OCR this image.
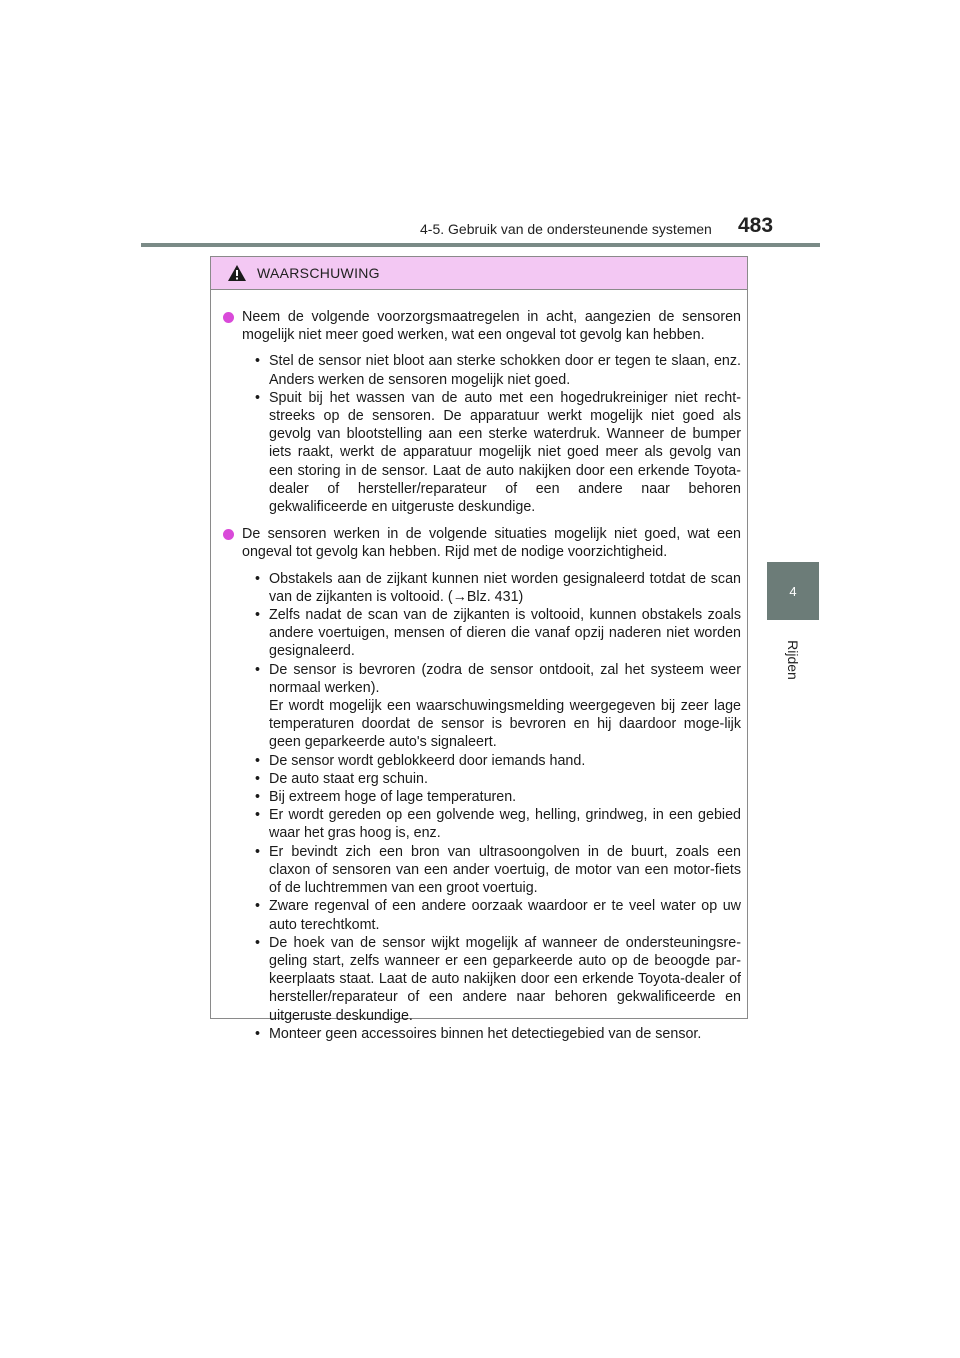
4-5. Gebruik van de ondersteunende systemen 483
4
Rijden
WAARSCHUWING
Neem de volgende voorzorgsmaatregelen in acht, aangezien de sensoren mogelijk niet meer goed werken, wat een ongeval tot gevolg kan hebben.
• Stel de sensor niet bloot aan sterke schokken door er tegen te slaan, enz. Anders werken de sensoren mogelijk niet goed.
• Spuit bij het wassen van de auto met een hogedrukreiniger niet recht-streeks op de sensoren. De apparatuur werkt mogelijk niet goed als gevolg van blootstelling aan een sterke waterdruk. Wanneer de bumper iets raakt, werkt de apparatuur mogelijk niet goed meer als gevolg van een storing in de sensor. Laat de auto nakijken door een erkende Toyota-dealer of hersteller/reparateur of een andere naar behoren gekwalificeerde en uitgeruste deskundige.
De sensoren werken in de volgende situaties mogelijk niet goed, wat een ongeval tot gevolg kan hebben. Rijd met de nodige voorzichtigheid.
• Obstakels aan de zijkant kunnen niet worden gesignaleerd totdat de scan van de zijkanten is voltooid. (→Blz. 431)
• Zelfs nadat de scan van de zijkanten is voltooid, kunnen obstakels zoals andere voertuigen, mensen of dieren die vanaf opzij naderen niet worden gesignaleerd.
• De sensor is bevroren (zodra de sensor ontdooit, zal het systeem weer normaal werken).
Er wordt mogelijk een waarschuwingsmelding weergegeven bij zeer lage temperaturen doordat de sensor is bevroren en hij daardoor moge-lijk geen geparkeerde auto's signaleert.
• De sensor wordt geblokkeerd door iemands hand.
• De auto staat erg schuin.
• Bij extreem hoge of lage temperaturen.
• Er wordt gereden op een golvende weg, helling, grindweg, in een gebied waar het gras hoog is, enz.
• Er bevindt zich een bron van ultrasoongolven in de buurt, zoals een claxon of sensoren van een ander voertuig, de motor van een motor-fiets of de luchtremmen van een groot voertuig.
• Zware regenval of een andere oorzaak waardoor er te veel water op uw auto terechtkomt.
• De hoek van de sensor wijkt mogelijk af wanneer de ondersteuningsre-geling start, zelfs wanneer er een geparkeerde auto op de beoogde par-keerplaats staat. Laat de auto nakijken door een erkende Toyota-dealer of hersteller/reparateur of een andere naar behoren gekwalificeerde en uitgeruste deskundige.
• Monteer geen accessoires binnen het detectiegebied van de sensor.
